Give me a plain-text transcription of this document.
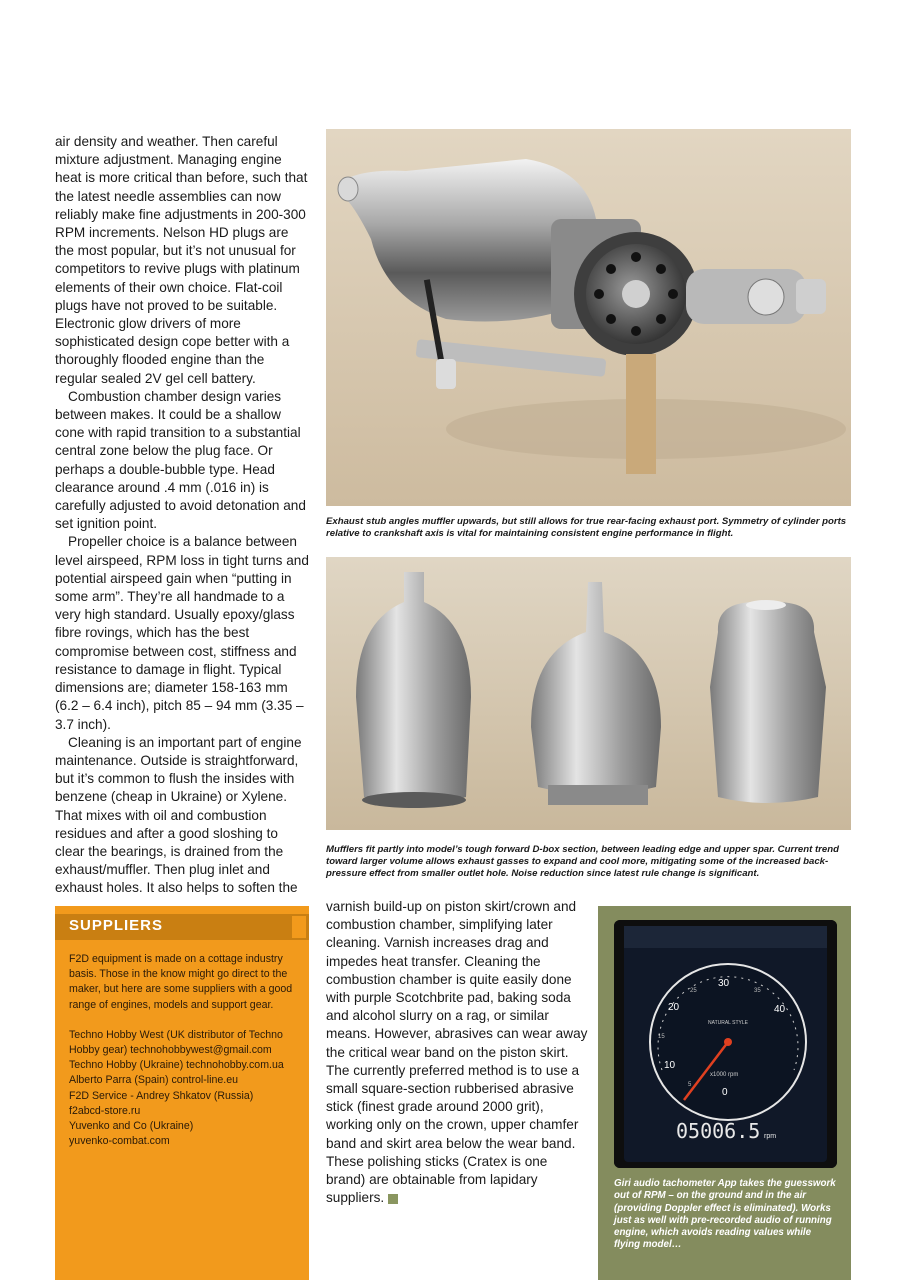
air density and weather. Then careful mixture adjustment. Managing engine heat is more critical than before, such that the latest needle assemblies can now reliably make fine adjustments in 200-300 RPM increments. Nelson HD plugs are the most popular, but it’s not unusual for competitors to revive plugs with platinum elements of their own choice. Flat-coil plugs have not proved to be suitable. Electronic glow drivers of more sophisticated design cope better with a thoroughly flooded engine than the regular sealed 2V gel cell battery.

Combustion chamber design varies between makes. It could be a shallow cone with rapid transition to a substantial central zone below the plug face. Or perhaps a double-bubble type. Head clearance around .4 mm (.016 in) is carefully adjusted to avoid detonation and set ignition point.

Propeller choice is a balance between level airspeed, RPM loss in tight turns and potential airspeed gain when “putting in some arm”. They’re all handmade to a very high standard. Usually epoxy/glass fibre rovings, which has the best compromise between cost, stiffness and resistance to damage in flight. Typical dimensions are; diameter 158-163 mm (6.2 – 6.4 inch), pitch 85 – 94 mm (3.35 – 3.7 inch).

Cleaning is an important part of engine maintenance. Outside is straightforward, but it’s common to flush the insides with benzene (cheap in Ukraine) or Xylene. That mixes with oil and combustion residues and after a good sloshing to clear the bearings, is drained from the exhaust/muffler. Then plug inlet and exhaust holes. It also helps to soften the

Exhaust stub angles muffler upwards, but still allows for true rear-facing exhaust port. Symmetry of cylinder ports relative to crankshaft axis is vital for maintaining consistent engine performance in flight.
Mufflers fit partly into model’s tough forward D-box section, between leading edge and upper spar. Current trend toward larger volume allows exhaust gasses to expand and cool more, mitigating some of the increased back-pressure effect from smaller outlet hole. Noise reduction since latest rule change is significant.
SUPPLIERS
F2D equipment is made on a cottage industry basis. Those in the know might go direct to the maker, but here are some suppliers with a good range of engines, models and support gear.
Techno Hobby West (UK distributor of Techno
Hobby gear) technohobbywest@gmail.com
Techno Hobby (Ukraine) technohobby.com.ua
Alberto Parra (Spain) control-line.eu
F2D Service - Andrey Shkatov (Russia)
f2abcd-store.ru
Yuvenko and Co (Ukraine)
yuvenko-combat.com
varnish build-up on piston skirt/crown and combustion chamber, simplifying later cleaning. Varnish increases drag and impedes heat transfer. Cleaning the combustion chamber is quite easily done with purple Scotchbrite pad, baking soda and alcohol slurry on a rag, or similar means. However, abrasives can wear away the critical wear band on the piston skirt. The currently preferred method is to use a small square-section rubberised abrasive stick (finest grade around 2000 grit), working only on the crown, upper chamfer band and skirt area below the wear band. These polishing sticks (Cratex is one brand) are obtainable from lapidary suppliers.
0
5
10
15
20
25
30
35
40
NATURAL STYLE
x1000 rpm
05006.5 rpm
Giri audio tachometer App takes the guesswork out of RPM – on the ground and in the air (providing Doppler effect is eliminated). Works just as well with pre-recorded audio of running engine, which avoids reading values while flying model…
